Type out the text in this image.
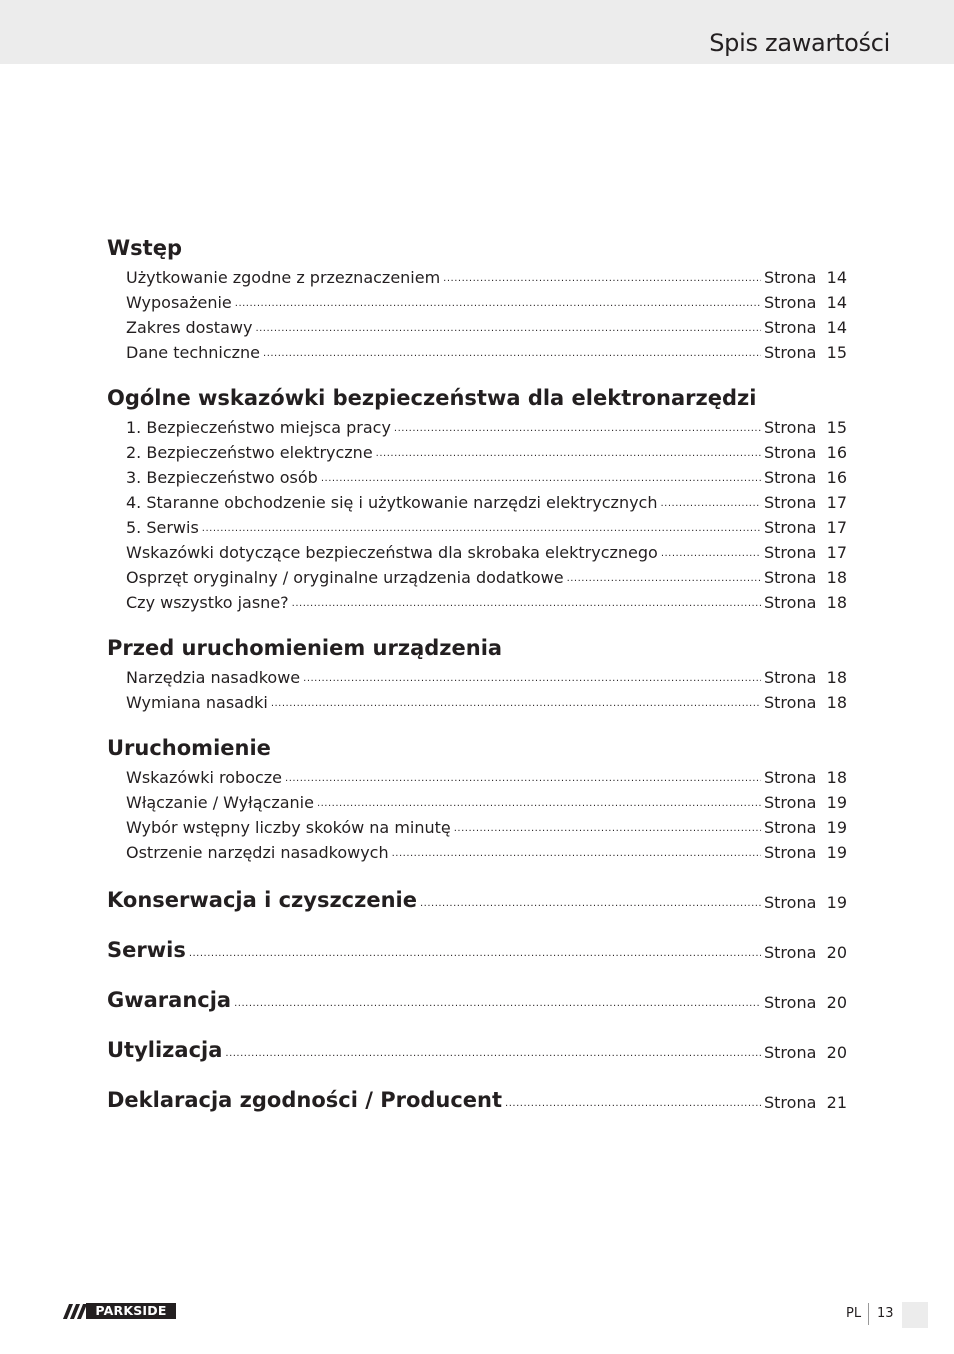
Spis zawartości
Wstęp
Użytkowanie zgodne z przeznaczeniem .....	Strona 14
Wyposażenie .....	Strona 14
Zakres dostawy .....	Strona 14
Dane techniczne .....	Strona 15
Ogólne wskazówki bezpieczeństwa dla elektronarzędzi
1. Bezpieczeństwo miejsca pracy .....	Strona 15
2. Bezpieczeństwo elektryczne .....	Strona 16
3. Bezpieczeństwo osób .....	Strona 16
4. Staranne obchodzenie się i użytkowanie narzędzi elektrycznych .....	Strona 17
5. Serwis .....	Strona 17
Wskazówki dotyczące bezpieczeństwa dla skrobaka elektrycznego .....	Strona 17
Osprzęt oryginalny / oryginalne urządzenia dodatkowe .....	Strona 18
Czy wszystko jasne? .....	Strona 18
Przed uruchomieniem urządzenia
Narzędzia nasadkowe .....	Strona 18
Wymiana nasadki .....	Strona 18
Uruchomienie
Wskazówki robocze .....	Strona 18
Włączanie / Wyłączanie .....	Strona 19
Wybór wstępny liczby skoków na minutę .....	Strona 19
Ostrzenie narzędzi nasadkowych .....	Strona 19
Konserwacja i czyszczenie .....	Strona 19
Serwis .....	Strona 20
Gwarancja .....	Strona 20
Utylizacja .....	Strona 20
Deklaracja zgodności / Producent .....	Strona 21
PARKSIDE	PL 13
